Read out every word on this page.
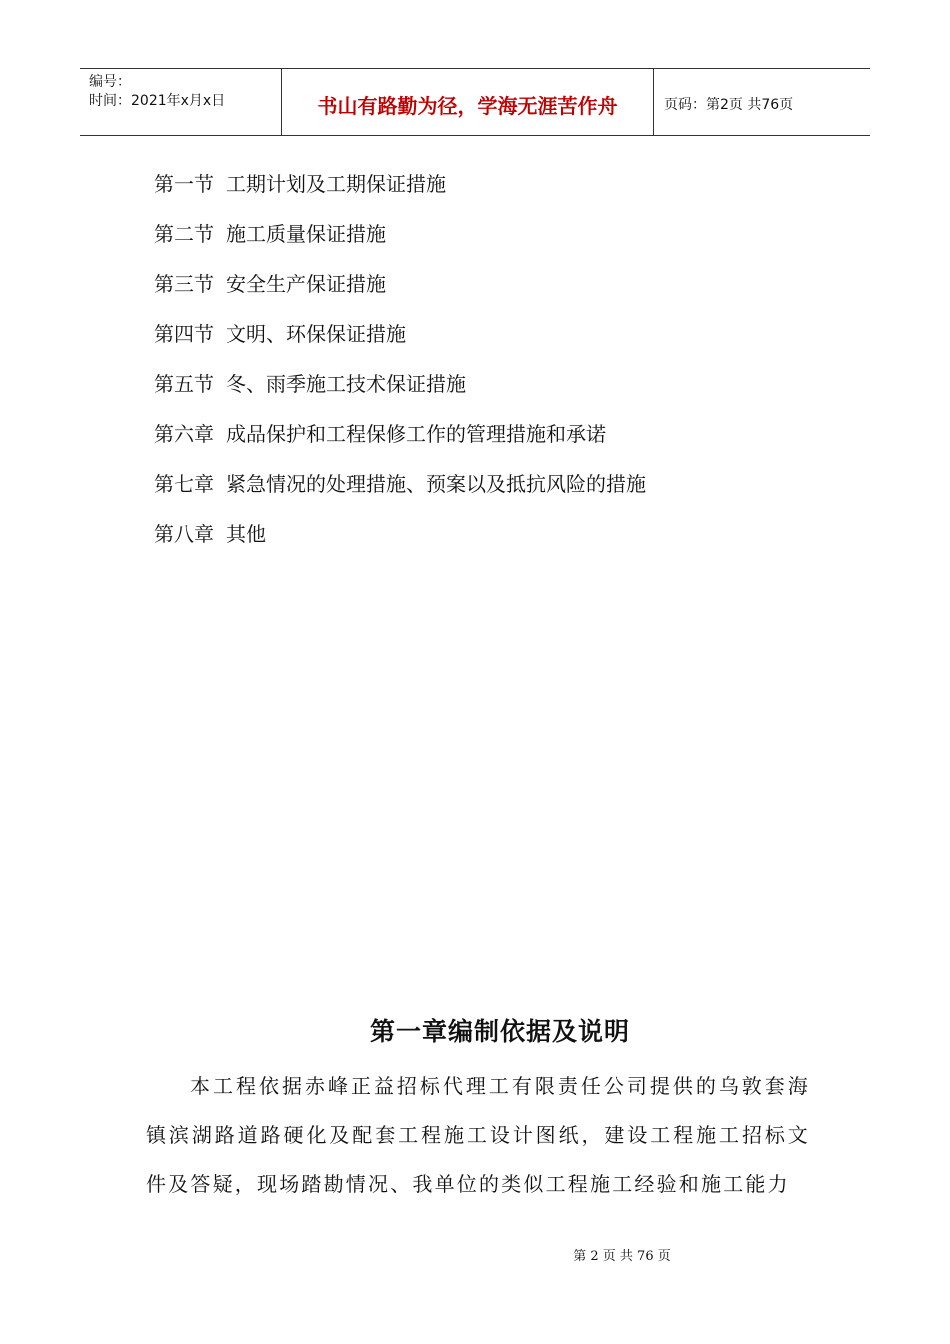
编号：
时间：2021年x月x日	书山有路勤为径，学海无涯苦作舟	页码：第2页 共76页
第一节 工期计划及工期保证措施
第二节 施工质量保证措施
第三节 安全生产保证措施
第四节 文明、环保保证措施
第五节 冬、雨季施工技术保证措施
第六章 成品保护和工程保修工作的管理措施和承诺
第七章 紧急情况的处理措施、预案以及抵抗风险的措施
第八章 其他
第一章编制依据及说明
本工程依据赤峰正益招标代理工有限责任公司提供的乌敦套海镇滨湖路道路硬化及配套工程施工设计图纸，建设工程施工招标文件及答疑，现场踏勘情况、我单位的类似工程施工经验和施工能力
第 2 页 共 76 页
